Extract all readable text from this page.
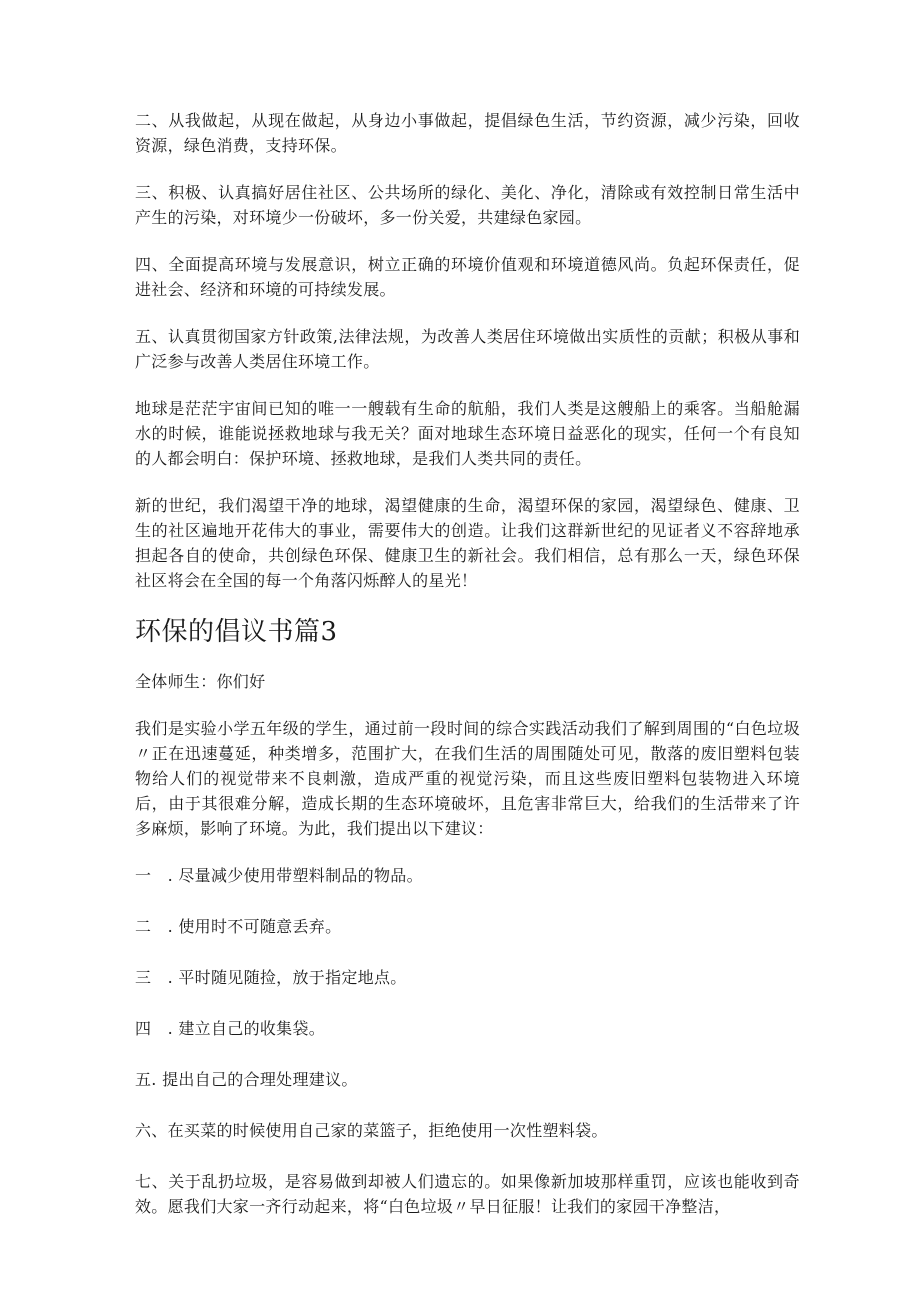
二、从我做起，从现在做起，从身边小事做起，提倡绿色生活，节约资源，减少污染，回收资源，绿色消费，支持环保。

三、积极、认真搞好居住社区、公共场所的绿化、美化、净化，清除或有效控制日常生活中产生的污染，对环境少一份破坏，多一份关爱，共建绿色家园。

四、全面提高环境与发展意识，树立正确的环境价值观和环境道德风尚。负起环保责任，促进社会、经济和环境的可持续发展。

五、认真贯彻国家方针政策,法律法规，为改善人类居住环境做出实质性的贡献；积极从事和广泛参与改善人类居住环境工作。

地球是茫茫宇宙间已知的唯一一艘载有生命的航船，我们人类是这艘船上的乘客。当船舱漏水的时候，谁能说拯救地球与我无关？面对地球生态环境日益恶化的现实，任何一个有良知的人都会明白：保护环境、拯救地球，是我们人类共同的责任。

新的世纪，我们渴望干净的地球，渴望健康的生命，渴望环保的家园，渴望绿色、健康、卫生的社区遍地开花伟大的事业，需要伟大的创造。让我们这群新世纪的见证者义不容辞地承担起各自的使命，共创绿色环保、健康卫生的新社会。我们相信，总有那么一天，绿色环保社区将会在全国的每一个角落闪烁醉人的星光！

环保的倡议书篇3

全体师生：你们好

我们是实验小学五年级的学生，通过前一段时间的综合实践活动我们了解到周围的“白色垃圾〃正在迅速蔓延，种类增多，范围扩大，在我们生活的周围随处可见，散落的废旧塑料包装物给人们的视觉带来不良刺激，造成严重的视觉污染，而且这些废旧塑料包装物进入环境后，由于其很难分解，造成长期的生态环境破坏，且危害非常巨大，给我们的生活带来了许多麻烦，影响了环境。为此，我们提出以下建议：

一　. 尽量减少使用带塑料制品的物品。

二　. 使用时不可随意丢弃。

三　. 平时随见随捡，放于指定地点。

四　. 建立自己的收集袋。

五. 提出自己的合理处理建议。

六、在买菜的时候使用自己家的菜篮子，拒绝使用一次性塑料袋。

七、关于乱扔垃圾，是容易做到却被人们遗忘的。如果像新加坡那样重罚，应该也能收到奇效。愿我们大家一齐行动起来，将“白色垃圾〃早日征服！让我们的家园干净整洁，
